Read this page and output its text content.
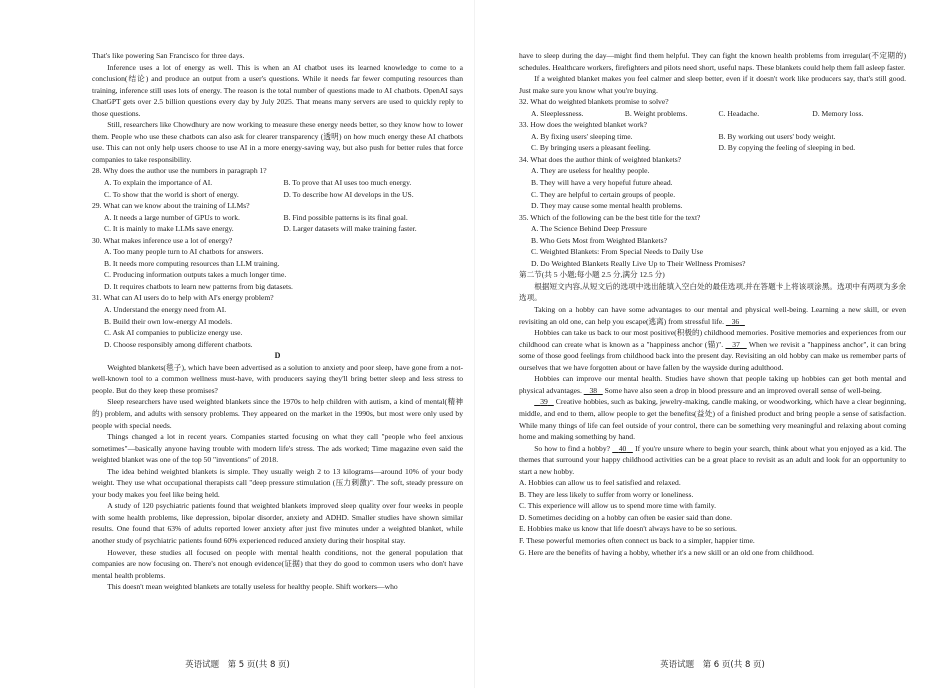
That's like powering San Francisco for three days.

Inference uses a lot of energy as well. This is when an AI chatbot uses its learned knowledge to come to a conclusion(结论) and produce an output from a user's questions. While it needs far fewer computing resources than training, inference still uses lots of energy. The reason is the total number of questions made to AI chatbots. OpenAI says ChatGPT gets over 2.5 billion questions every day by July 2025. That means many servers are used to quickly reply to those questions.

Still, researchers like Chowdhury are now working to measure these energy needs better, so they know how to lower them. People who use these chatbots can also ask for clearer transparency (透明) on how much energy these AI chatbots use. This can not only help users choose to use AI in a more energy-saving way, but also push for better rules that force companies to take responsibility.

28. Why does the author use the numbers in paragraph 1?

A. To explain the importance of AI.	B. To prove that AI uses too much energy.
C. To show that the world is short of energy.	D. To describe how AI develops in the US.

29. What can we know about the training of LLMs?

A. It needs a large number of GPUs to work.	B. Find possible patterns is its final goal.
C. It is mainly to make LLMs save energy.	D. Larger datasets will make training faster.

30. What makes inference use a lot of energy?

A. Too many people turn to AI chatbots for answers.

B. It needs more computing resources than LLM training.

C. Producing information outputs takes a much longer time.

D. It requires chatbots to learn new patterns from big datasets.

31. What can AI users do to help with AI's energy problem?

A. Understand the energy need from AI.

B. Build their own low-energy AI models.

C. Ask AI companies to publicize energy use.

D. Choose responsibly among different chatbots.

D

Weighted blankets(毯子), which have been advertised as a solution to anxiety and poor sleep, have gone from a not-well-known tool to a common wellness must-have, with producers saying they'll bring better sleep and less stress to people. But do they keep these promises?

Sleep researchers have used weighted blankets since the 1970s to help children with autism, a kind of mental(精神的) problem, and adults with sensory problems. They appeared on the market in the 1990s, but most were only used by people with special needs.

Things changed a lot in recent years. Companies started focusing on what they call "people who feel anxious sometimes"—basically anyone having trouble with modern life's stress. The ads worked; Time magazine even said the weighted blanket was one of the top 50 "inventions" of 2018.

The idea behind weighted blankets is simple. They usually weigh 2 to 13 kilograms—around 10% of your body weight. They use what occupational therapists call "deep pressure stimulation (压力刺激)". The soft, steady pressure on your body makes you feel like being held.

A study of 120 psychiatric patients found that weighted blankets improved sleep quality over four weeks in people with some health problems, like depression, bipolar disorder, anxiety and ADHD. Smaller studies have shown similar results. One found that 63% of adults reported lower anxiety after just five minutes under a weighted blanket, while another study of psychiatric patients found 60% experienced reduced anxiety during their hospital stay.

However, these studies all focused on people with mental health conditions, not the general population that companies are now focusing on. There's not enough evidence(证据) that they do good to common users who don't have mental health problems.

This doesn't mean weighted blankets are totally useless for healthy people. Shift workers—who

英语试题　第 5 页(共 8 页)

have to sleep during the day—might find them helpful. They can fight the known health problems from irregular(不定期的) schedules. Healthcare workers, firefighters and pilots need short, useful naps. These blankets could help them fall asleep faster.

If a weighted blanket makes you feel calmer and sleep better, even if it doesn't work like producers say, that's still good. Just make sure you know what you're buying.

32. What do weighted blankets promise to solve?

A. Sleeplessness.	B. Weight problems.	C. Headache.	D. Memory loss.

33. How does the weighted blanket work?

A. By fixing users' sleeping time.	B. By working out users' body weight.
C. By bringing users a pleasant feeling.	D. By copying the feeling of sleeping in bed.

34. What does the author think of weighted blankets?

A. They are useless for healthy people.

B. They will have a very hopeful future ahead.

C. They are helpful to certain groups of people.

D. They may cause some mental health problems.

35. Which of the following can be the best title for the text?

A. The Science Behind Deep Pressure

B. Who Gets Most from Weighted Blankets?

C. Weighted Blankets: From Special Needs to Daily Use

D. Do Weighted Blankets Really Live Up to Their Wellness Promises?

第二节(共 5 小题;每小题 2.5 分,满分 12.5 分)

根据短文内容,从短文后的选项中选出能填入空白处的最佳选项,并在答题卡上将该项涂黑。选项中有两项为多余选项。

Taking on a hobby can have some advantages to our mental and physical well-being. Learning a new skill, or even revisiting an old one, can help you escape(逃离) from stressful life. 36

Hobbies can take us back to our most positive(积极的) childhood memories. Positive memories and experiences from our childhood can create what is known as a "happiness anchor (锚)". 37 When we revisit a "happiness anchor", it can bring some of those good feelings from childhood back into the present day. Revisiting an old hobby can make us remember parts of ourselves that we have forgotten about or have fallen by the wayside during adulthood.

Hobbies can improve our mental health. Studies have shown that people taking up hobbies can get both mental and physical advantages. 38 Some have also seen a drop in blood pressure and an improved overall sense of well-being.

39 Creative hobbies, such as baking, jewelry-making, candle making, or woodworking, which have a clear beginning, middle, and end to them, allow people to get the benefits(益处) of a finished product and bring people a sense of satisfaction. While many things of life can feel outside of your control, there can be something very meaningful and relaxing about coming home and making something by hand.

So how to find a hobby? 40 If you're unsure where to begin your search, think about what you enjoyed as a kid. The themes that surround your happy childhood activities can be a great place to revisit as an adult and look for an opportunity to start a new hobby.

A. Hobbies can allow us to feel satisfied and relaxed.

B. They are less likely to suffer from worry or loneliness.

C. This experience will allow us to spend more time with family.

D. Sometimes deciding on a hobby can often be easier said than done.

E. Hobbies make us know that life doesn't always have to be so serious.

F. These powerful memories often connect us back to a simpler, happier time.

G. Here are the benefits of having a hobby, whether it's a new skill or an old one from childhood.

英语试题　第 6 页(共 8 页)
